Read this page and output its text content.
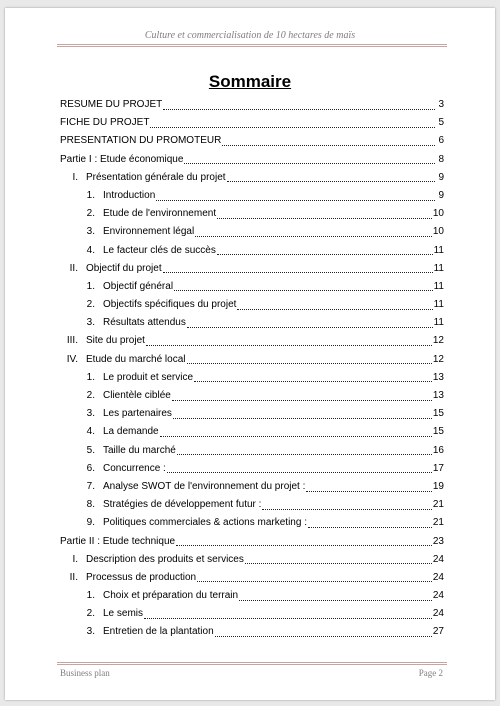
Culture et commercialisation de 10 hectares de maïs
Sommaire
RESUME DU PROJET	3
FICHE DU PROJET	5
PRESENTATION DU PROMOTEUR	6
Partie I : Etude économique	8
I. Présentation générale du projet	9
1. Introduction	9
2. Etude de l'environnement	10
3. Environnement légal	10
4. Le facteur clés de succès	11
II. Objectif du projet	11
1. Objectif général	11
2. Objectifs spécifiques du projet	11
3. Résultats attendus	11
III. Site du projet	12
IV. Etude du marché local	12
1. Le produit et service	13
2. Clientèle ciblée	13
3. Les partenaires	15
4. La demande	15
5. Taille du marché	16
6. Concurrence :	17
7. Analyse SWOT de l'environnement du projet :	19
8. Stratégies de développement futur :	21
9. Politiques commerciales & actions marketing :	21
Partie II : Etude technique	23
I. Description des produits et services	24
II. Processus de production	24
1. Choix et préparation du terrain	24
2. Le semis	24
3. Entretien de la plantation	27
Business plan	Page 2
